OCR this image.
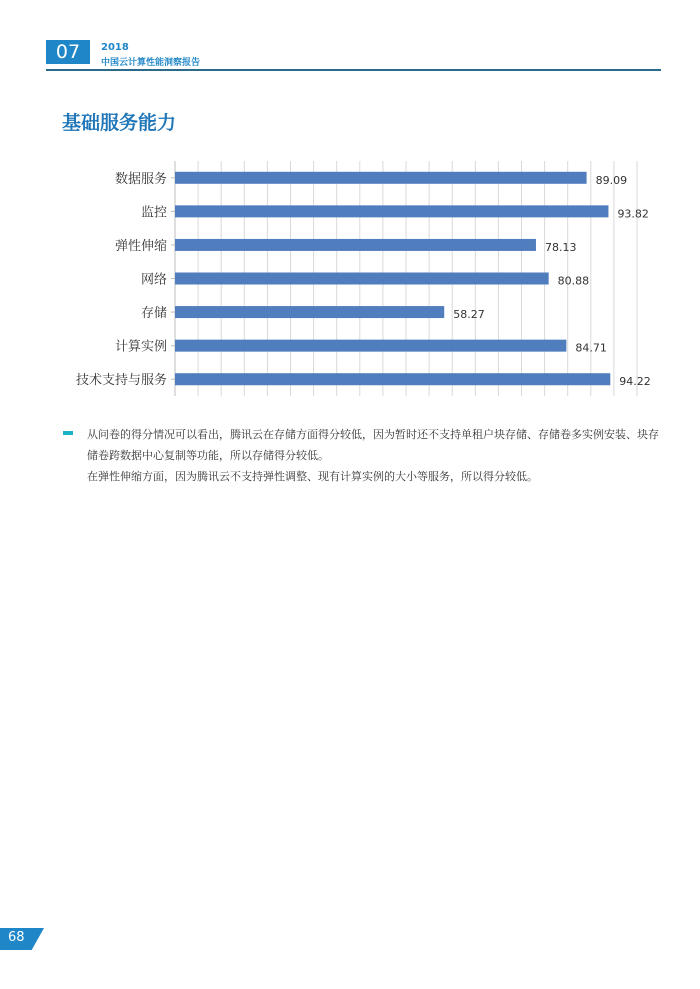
07	2018
中国云计算性能洞察报告
基础服务能力
数据服务	89.09
监控	93.82
弹性伸缩	78.13
网络	80.88
存储	58.27
计算实例	84.71
技术支持与服务	94.22
从问卷的得分情况可以看出，腾讯云在存储方面得分较低，因为暂时还不支持单租户块存储、存储卷多实例安装、块存储卷跨数据中心复制等功能，所以存储得分较低。
在弹性伸缩方面，因为腾讯云不支持弹性调整、现有计算实例的大小等服务，所以得分较低。
68
